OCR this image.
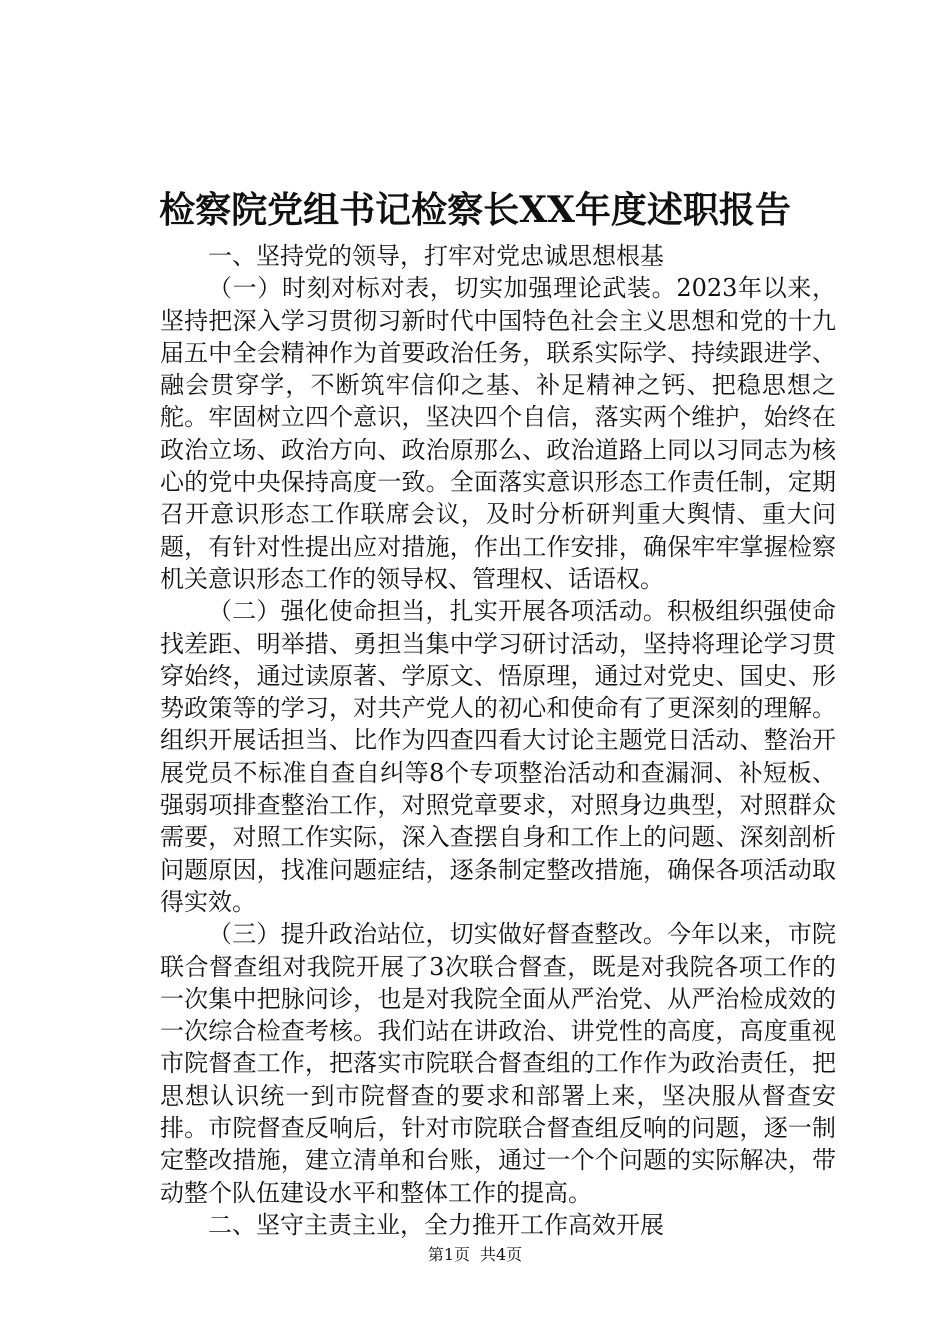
检察院党组书记检察长XX年度述职报告

一、坚持党的领导，打牢对党忠诚思想根基

（一）时刻对标对表，切实加强理论武装。2023年以来，坚持把深入学习贯彻习新时代中国特色社会主义思想和党的十九届五中全会精神作为首要政治任务，联系实际学、持续跟进学、融会贯穿学，不断筑牢信仰之基、补足精神之钙、把稳思想之舵。牢固树立四个意识，坚决四个自信，落实两个维护，始终在政治立场、政治方向、政治原那么、政治道路上同以习同志为核心的党中央保持高度一致。全面落实意识形态工作责任制，定期召开意识形态工作联席会议，及时分析研判重大舆情、重大问题，有针对性提出应对措施，作出工作安排，确保牢牢掌握检察机关意识形态工作的领导权、管理权、话语权。

（二）强化使命担当，扎实开展各项活动。积极组织强使命找差距、明举措、勇担当集中学习研讨活动，坚持将理论学习贯穿始终，通过读原著、学原文、悟原理，通过对党史、国史、形势政策等的学习，对共产党人的初心和使命有了更深刻的理解。组织开展话担当、比作为四查四看大讨论主题党日活动、整治开展党员不标准自查自纠等8个专项整治活动和查漏洞、补短板、强弱项排查整治工作，对照党章要求，对照身边典型，对照群众需要，对照工作实际，深入查摆自身和工作上的问题、深刻剖析问题原因，找准问题症结，逐条制定整改措施，确保各项活动取得实效。

（三）提升政治站位，切实做好督查整改。今年以来，市院联合督查组对我院开展了3次联合督查，既是对我院各项工作的一次集中把脉问诊，也是对我院全面从严治党、从严治检成效的一次综合检查考核。我们站在讲政治、讲党性的高度，高度重视市院督查工作，把落实市院联合督查组的工作作为政治责任，把思想认识统一到市院督查的要求和部署上来，坚决服从督查安排。市院督查反响后，针对市院联合督查组反响的问题，逐一制定整改措施，建立清单和台账，通过一个个问题的实际解决，带动整个队伍建设水平和整体工作的提高。

二、坚守主责主业，全力推开工作高效开展

第1页 共4页
